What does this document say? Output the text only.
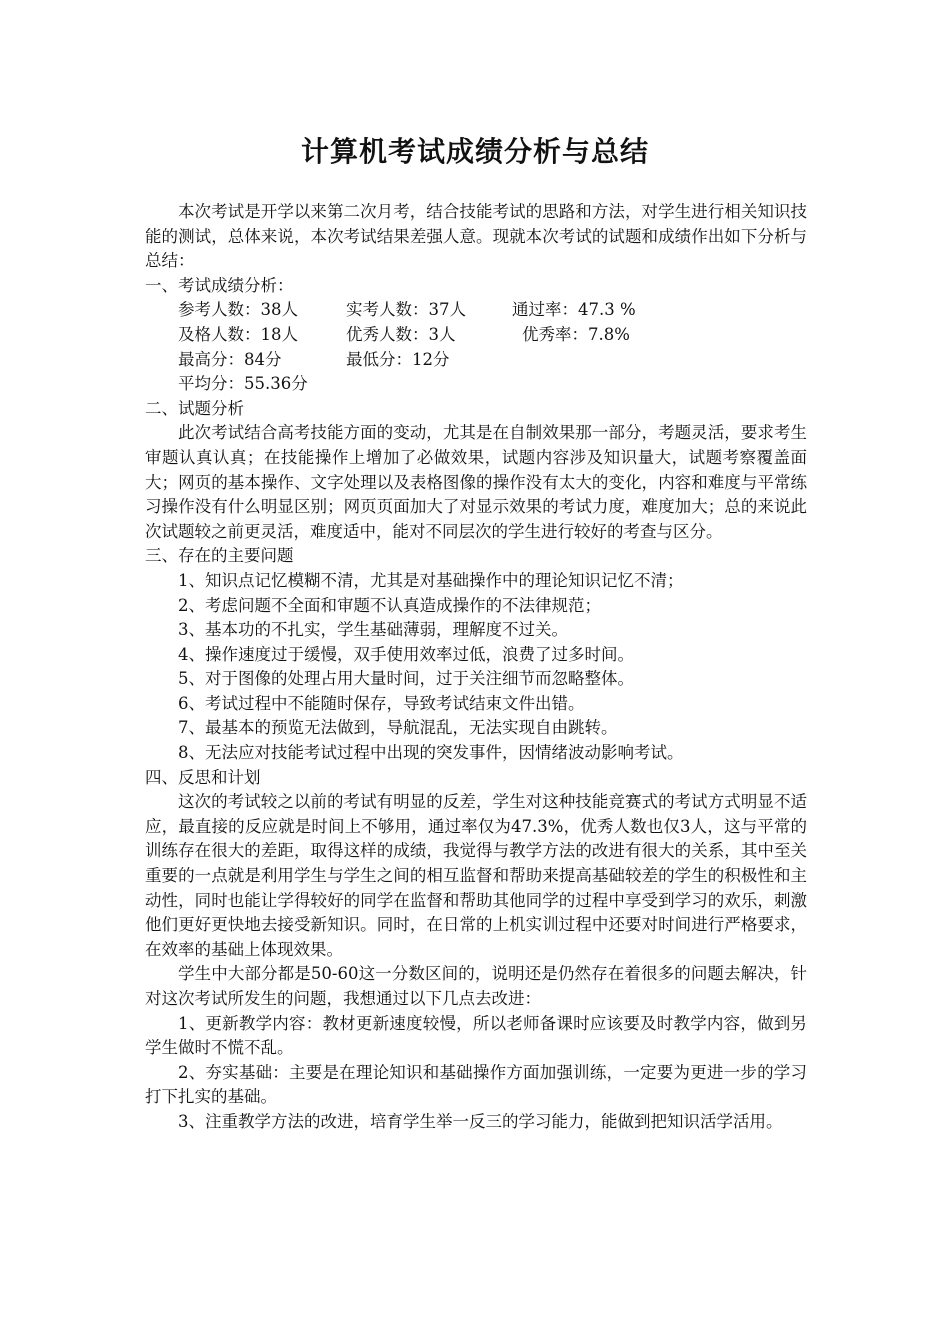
计算机考试成绩分析与总结

本次考试是开学以来第二次月考，结合技能考试的思路和方法，对学生进行相关知识技能的测试，总体来说，本次考试结果差强人意。现就本次考试的试题和成绩作出如下分析与总结：

一、考试成绩分析：

参考人数：38人	实考人数：37人	通过率：47.3 %
及格人数：18人	优秀人数：3人	优秀率：7.8%
最高分：84分	最低分：12分
平均分：55.36分

二、试题分析

此次考试结合高考技能方面的变动，尤其是在自制效果那一部分，考题灵活，要求考生审题认真认真；在技能操作上增加了必做效果，试题内容涉及知识量大，试题考察覆盖面大；网页的基本操作、文字处理以及表格图像的操作没有太大的变化，内容和难度与平常练习操作没有什么明显区别；网页页面加大了对显示效果的考试力度，难度加大；总的来说此次试题较之前更灵活，难度适中，能对不同层次的学生进行较好的考查与区分。

三、存在的主要问题

1、知识点记忆模糊不清，尤其是对基础操作中的理论知识记忆不清；

2、考虑问题不全面和审题不认真造成操作的不法律规范；

3、基本功的不扎实，学生基础薄弱，理解度不过关。

4、操作速度过于缓慢，双手使用效率过低，浪费了过多时间。

5、对于图像的处理占用大量时间，过于关注细节而忽略整体。

6、考试过程中不能随时保存，导致考试结束文件出错。

7、最基本的预览无法做到，导航混乱，无法实现自由跳转。

8、无法应对技能考试过程中出现的突发事件，因情绪波动影响考试。

四、反思和计划

这次的考试较之以前的考试有明显的反差，学生对这种技能竞赛式的考试方式明显不适应，最直接的反应就是时间上不够用，通过率仅为47.3%，优秀人数也仅3人，这与平常的训练存在很大的差距，取得这样的成绩，我觉得与教学方法的改进有很大的关系，其中至关重要的一点就是利用学生与学生之间的相互监督和帮助来提高基础较差的学生的积极性和主动性，同时也能让学得较好的同学在监督和帮助其他同学的过程中享受到学习的欢乐，刺激他们更好更快地去接受新知识。同时，在日常的上机实训过程中还要对时间进行严格要求，在效率的基础上体现效果。

学生中大部分都是50-60这一分数区间的，说明还是仍然存在着很多的问题去解决，针对这次考试所发生的问题，我想通过以下几点去改进：

1、更新教学内容：教材更新速度较慢，所以老师备课时应该要及时教学内容，做到另学生做时不慌不乱。

2、夯实基础：主要是在理论知识和基础操作方面加强训练，一定要为更进一步的学习打下扎实的基础。

3、注重教学方法的改进，培育学生举一反三的学习能力，能做到把知识活学活用。
